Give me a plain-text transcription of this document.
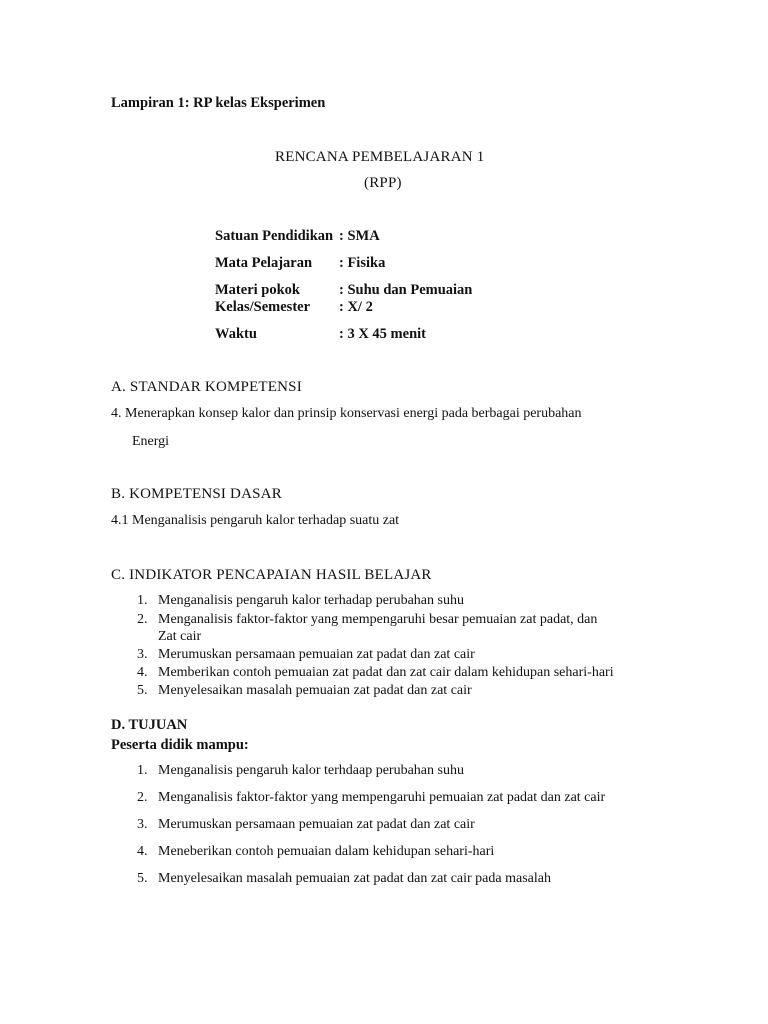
Lampiran 1: RP kelas Eksperimen
RENCANA PEMBELAJARAN 1
(RPP)
Satuan Pendidikan : SMA
Mata Pelajaran : Fisika
Materi pokok	: Suhu dan Pemuaian
Kelas/Semester : X/ 2
Waktu	: 3 X 45 menit
A. STANDAR KOMPETENSI
4. Menerapkan konsep kalor dan prinsip konservasi energi pada berbagai perubahan
Energi
B. KOMPETENSI DASAR
4.1 Menganalisis pengaruh kalor terhadap suatu zat
C. INDIKATOR PENCAPAIAN HASIL BELAJAR
1. Menganalisis pengaruh kalor terhadap perubahan suhu
2. Menganalisis faktor-faktor yang mempengaruhi besar pemuaian zat padat, dan
Zat cair
3. Merumuskan persamaan pemuaian zat padat dan zat cair
4. Memberikan contoh pemuaian zat padat dan zat cair dalam kehidupan sehari-hari
5. Menyelesaikan masalah pemuaian zat padat dan zat cair
D. TUJUAN
Peserta didik mampu:
1. Menganalisis pengaruh kalor terhdaap perubahan suhu
2. Menganalisis faktor-faktor yang mempengaruhi pemuaian zat padat dan zat cair
3. Merumuskan persamaan pemuaian zat padat dan zat cair
4. Meneberikan contoh pemuaian dalam kehidupan sehari-hari
5. Menyelesaikan masalah pemuaian zat padat dan zat cair pada masalah
